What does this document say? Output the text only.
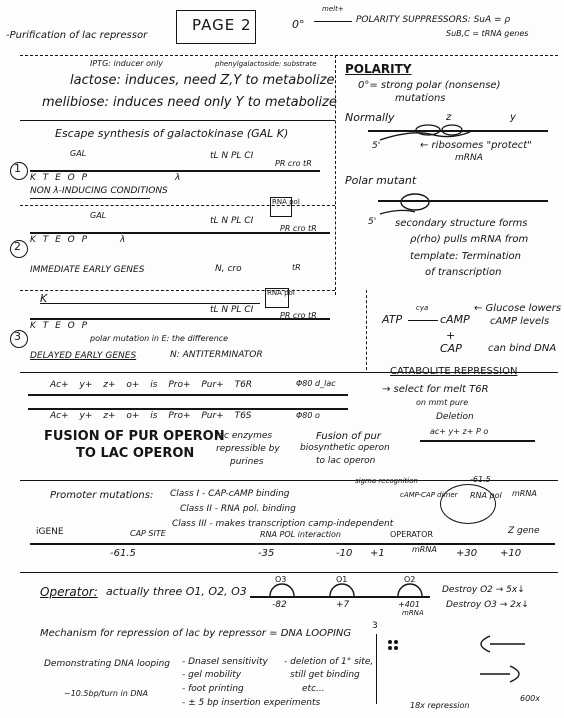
-Purification of lac repressor
PAGE 2	0°
melt+
POLARITY SUPPRESSORS: SuA = ρ
SuB,C = tRNA genes
IPTG: inducer only	phenylgalactoside: substrate
lactose: induces, need Z,Y to metabolize
melibiose: induces need only Y to metabolize
POLARITY
0°= strong polar (nonsense)
mutations
Normally	z	y
5'	← ribosomes "protect"
mRNA
Polar mutant
5' secondary structure forms
ρ(rho) pulls mRNA from
template: Termination
of transcription
Escape synthesis of galactokinase (GAL K)
1
GAL	tL N PL CI
K T E O P	λ
PR cro tR
NON λ-INDUCING CONDITIONS
2
GAL
tL N PL CI
RNA pol
K T E O P	λ
PR cro tR
IMMEDIATE EARLY GENES	N, cro	tR
K	RNA pol
3
tL N PL CI
K T E O P
PR cro tR
polar mutation in E: the difference
DELAYED EARLY GENES	N: ANTITERMINATOR
ATP
cya
cAMP
← Glucose lowers
cAMP levels
+
CAP	can bind DNA
CATABOLITE REPRESSION
Ac+ y+ z+ o+ is Pro+ Pur+ T6R	Φ80 d_lac
→ select for melt T6R
on mmt pure
Deletion
Ac+ y+ z+ o+ is Pro+ Pur+ T6S	Φ80 o
FUSION OF PUR OPERON
TO LAC OPERON
lac enzymes
repressible by
purines
Fusion of pur
biosynthetic operon
to lac operon
ac+ y+ z+ P o
Promoter mutations: Class I - CAP-cAMP binding
Class II - RNA pol. binding
Class III - makes transcription camp-independent
sigma recognition
cAMP-CAP dimer RNA pol mRNA
-61.5
iGENE	CAP SITE	RNA POL interaction	OPERATOR	Z gene
-61.5	-35	-10 +1	mRNA +30 +10
Operator: actually three O1, O2, O3
O3	O1	O2
-82	+7	+401
mRNA
Destroy O2 → 5x↓
Destroy O3 → 2x↓
Mechanism for repression of lac by repressor = DNA LOOPING
3
Demonstrating DNA looping - DnaseI sensitivity
- gel mobility
- foot printing
- ± 5 bp insertion experiments
- deletion of 1° site,
still get binding
etc...
~10.5bp/turn in DNA
18x repression
600x
